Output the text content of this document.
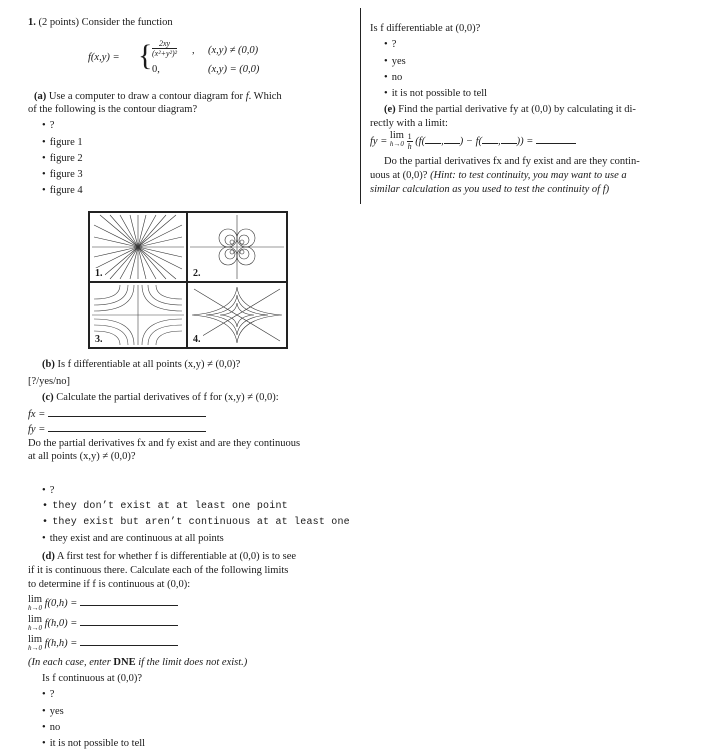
1. (2 points) Consider the function
f(x,y) = { $\frac{2xy}{\text{(x²+y²)²}}$ , (x,y) ≠ (0,0)
0,	(x,y) = (0,0)
(a) Use a computer to draw a contour diagram for f. Which
of the following is the contour diagram?
• ?
• figure 1
• figure 2
• figure 3
• figure 4
1.	2.
3.	4.
(b) Is f differentiable at all points (x,y) ≠ (0,0)?
[?/yes/no]
(c) Calculate the partial derivatives of f for (x,y) ≠ (0,0):
fx =
fy =
Do the partial derivatives fx and fy exist and are they continuous
at all points (x,y) ≠ (0,0)?
• ?
• they don’t exist at at least one point
• they exist but aren’t continuous at at least one
• they exist and are continuous at all points
(d) A first test for whether f is differentiable at (0,0) is to see
if it is continuous there. Calculate each of the following limits
to determine if f is continuous at (0,0):
lim
h→0 f(0,h) =
lim
h→0 f(h,0) =
lim
h→0 f(h,h) =
(In each case, enter DNE if the limit does not exist.)
Is f continuous at (0,0)?
• ?
• yes
• no
• it is not possible to tell
Is f differentiable at (0,0)?
• ?
• yes
• no
• it is not possible to tell
(e) Find the partial derivative fy at (0,0) by calculating it di-
rectly with a limit:
fy = lim
h→0
$\frac{1}{h} (f$( , ) − f( , )) =
Do the partial derivatives fx and fy exist and are they contin-
uous at (0,0)? (Hint: to test continuity, you may want to use a
similar calculation as you used to test the continuity of f)
